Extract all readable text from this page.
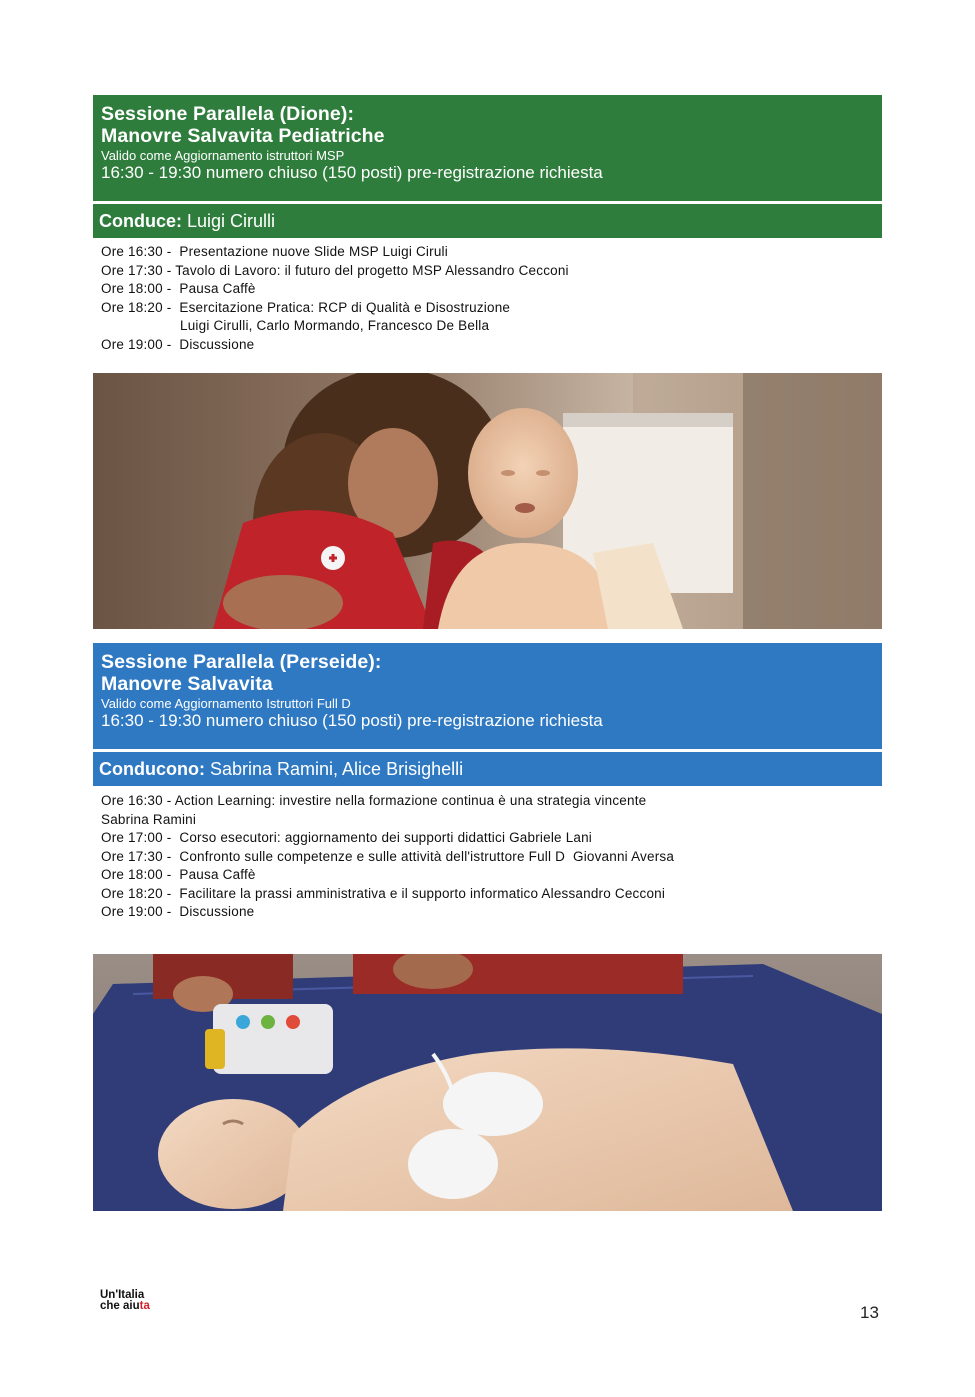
Sessione Parallela (Dione):
Manovre Salvavita Pediatriche
Valido come Aggiornamento istruttori MSP
16:30 - 19:30 numero chiuso (150 posti) pre-registrazione richiesta
Conduce: Luigi Cirulli
Ore 16:30 -  Presentazione nuove Slide MSP Luigi Ciruli
Ore 17:30 - Tavolo di Lavoro: il futuro del progetto MSP Alessandro Cecconi
Ore 18:00 -  Pausa Caffè
Ore 18:20 -  Esercitazione Pratica: RCP di Qualità e Disostruzione
Luigi Cirulli, Carlo Mormando, Francesco De Bella
Ore 19:00 -  Discussione
Sessione Parallela (Perseide):
Manovre Salvavita
Valido come Aggiornamento Istruttori Full D
16:30 - 19:30 numero chiuso (150 posti) pre-registrazione richiesta
Conducono: Sabrina Ramini, Alice Brisighelli
Ore 16:30 - Action Learning: investire nella formazione continua è una strategia vincente
Sabrina Ramini
Ore 17:00 -  Corso esecutori: aggiornamento dei supporti didattici Gabriele Lani
Ore 17:30 -  Confronto sulle competenze e sulle attività dell'istruttore Full D  Giovanni Aversa
Ore 18:00 -  Pausa Caffè
Ore 18:20 -  Facilitare la prassi amministrativa e il supporto informatico Alessandro Cecconi
Ore 19:00 -  Discussione
Un'Italia
che aiuta	13
